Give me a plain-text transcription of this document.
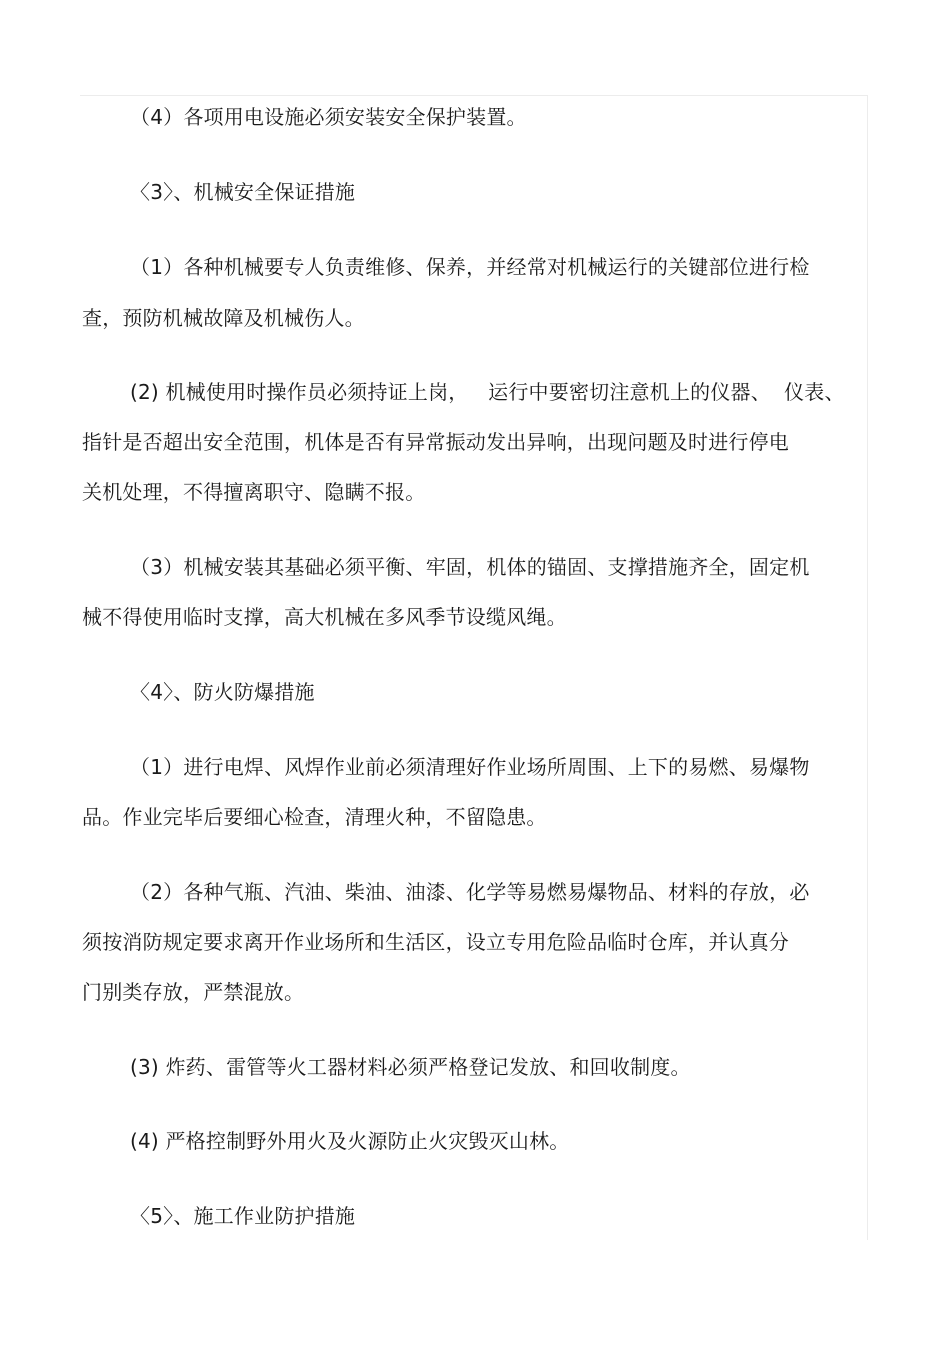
（4）各项用电设施必须安装安全保护装置。
〈3〉、机械安全保证措施
（1）各种机械要专人负责维修、保养，并经常对机械运行的关键部位进行检
查，预防机械故障及机械伤人。
(2) 机械使用时操作员必须持证上岗，   运行中要密切注意机上的仪器、  仪表、
指针是否超出安全范围，机体是否有异常振动发出异响，出现问题及时进行停电
关机处理，不得擅离职守、隐瞒不报。
（3）机械安装其基础必须平衡、牢固，机体的锚固、支撑措施齐全，固定机
械不得使用临时支撑，高大机械在多风季节设缆风绳。
〈4〉、防火防爆措施
（1）进行电焊、风焊作业前必须清理好作业场所周围、上下的易燃、易爆物
品。作业完毕后要细心检查，清理火种，不留隐患。
（2）各种气瓶、汽油、柴油、油漆、化学等易燃易爆物品、材料的存放，必
须按消防规定要求离开作业场所和生活区，设立专用危险品临时仓库，并认真分
门别类存放，严禁混放。
(3) 炸药、雷管等火工器材料必须严格登记发放、和回收制度。
(4) 严格控制野外用火及火源防止火灾毁灭山林。
〈5〉、施工作业防护措施
